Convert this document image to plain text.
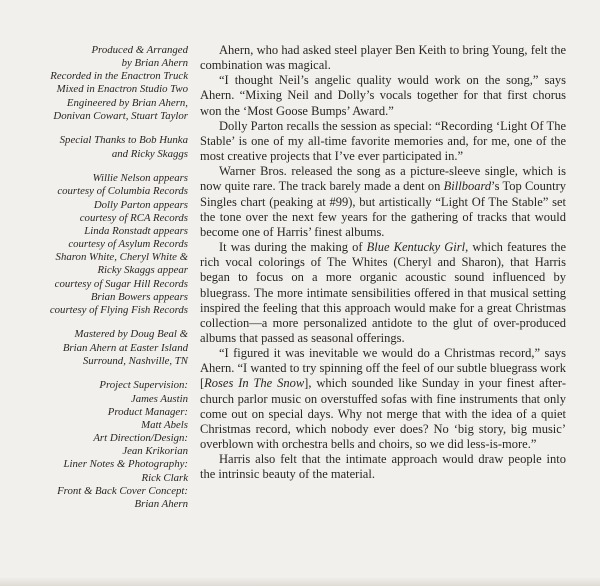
Produced & Arranged
by Brian Ahern
Recorded in the Enactron Truck
Mixed in Enactron Studio Two
Engineered by Brian Ahern,
Donivan Cowart, Stuart Taylor
Special Thanks to Bob Hunka
and Ricky Skaggs
Willie Nelson appears
courtesy of Columbia Records
Dolly Parton appears
courtesy of RCA Records
Linda Ronstadt appears
courtesy of Asylum Records
Sharon White, Cheryl White &
Ricky Skaggs appear
courtesy of Sugar Hill Records
Brian Bowers appears
courtesy of Flying Fish Records
Mastered by Doug Beal &
Brian Ahern at Easter Island
Surround, Nashville, TN
Project Supervision:
James Austin
Product Manager:
Matt Abels
Art Direction/Design:
Jean Krikorian
Liner Notes & Photography:
Rick Clark
Front & Back Cover Concept:
Brian Ahern

Ahern, who had asked steel player Ben Keith to bring Young, felt the combination was magical.

“I thought Neil’s angelic quality would work on the song,” says Ahern. “Mixing Neil and Dolly’s vocals together for that first chorus won the ‘Most Goose Bumps’ Award.”

Dolly Parton recalls the session as special: “Recording ‘Light Of The Stable’ is one of my all-time favorite memories and, for me, one of the most creative projects that I’ve ever participated in.”

Warner Bros. released the song as a picture-sleeve single, which is now quite rare. The track barely made a dent on Billboard’s Top Country Singles chart (peaking at #99), but artistically “Light Of The Stable” set the tone over the next few years for the gathering of tracks that would become one of Harris’ finest albums.

It was during the making of Blue Kentucky Girl, which features the rich vocal colorings of The Whites (Cheryl and Sharon), that Harris began to focus on a more organic acoustic sound influenced by bluegrass. The more intimate sensibilities offered in that musical setting inspired the feeling that this approach would make for a great Christmas collection—a more personalized antidote to the glut of over-produced albums that passed as seasonal offerings.

“I figured it was inevitable we would do a Christmas record,” says Ahern. “I wanted to try spinning off the feel of our subtle bluegrass work [Roses In The Snow], which sounded like Sunday in your finest after-church parlor music on overstuffed sofas with fine instruments that only come out on special days. Why not merge that with the idea of a quiet Christmas record, which nobody ever does? No ‘big story, big music’ overblown with orchestra bells and choirs, so we did less-is-more.”

Harris also felt that the intimate approach would draw people into the intrinsic beauty of the material.
